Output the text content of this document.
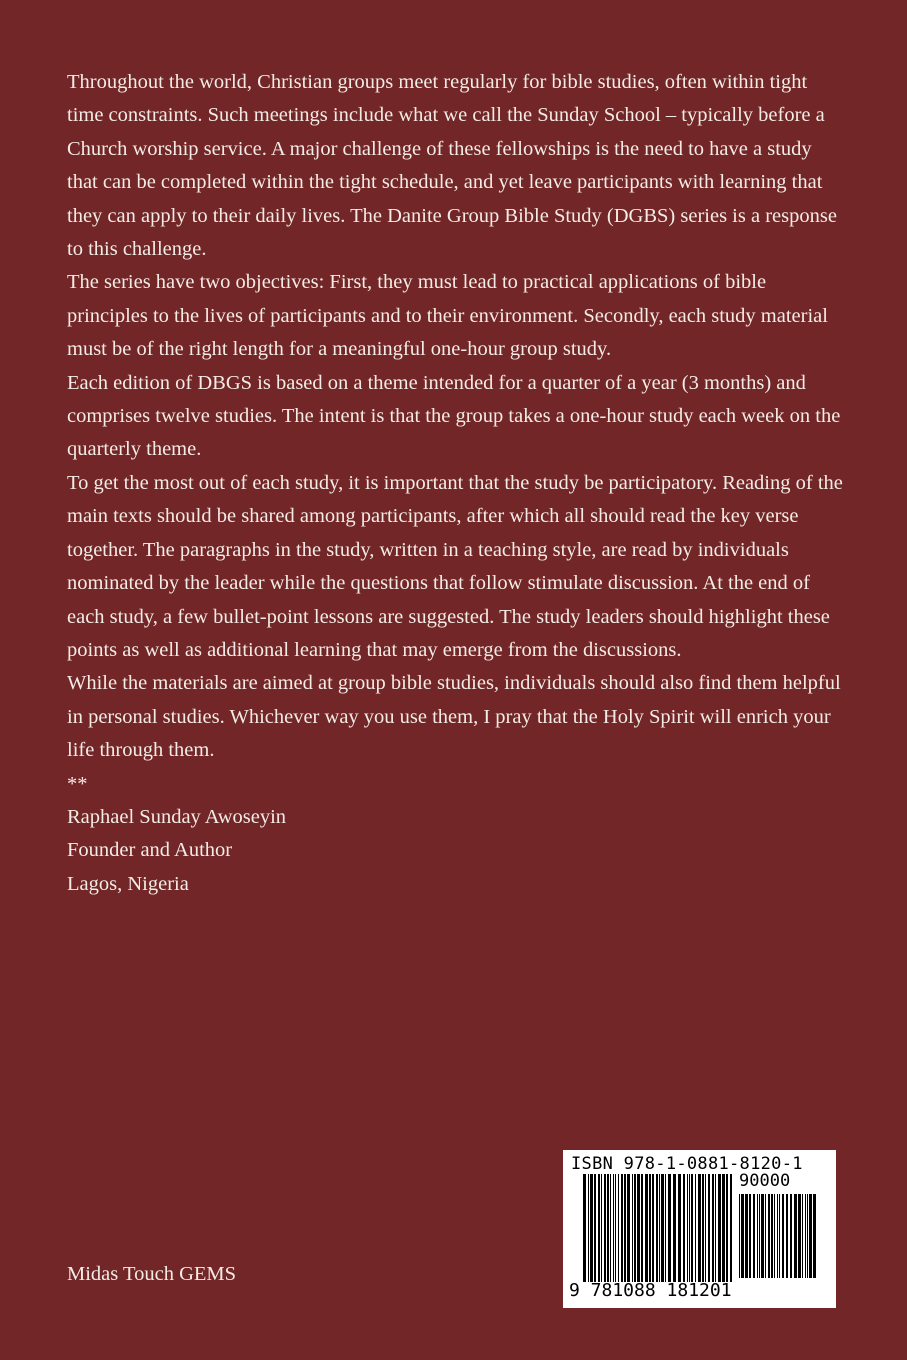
Throughout the world, Christian groups meet regularly for bible studies, often within tight time constraints. Such meetings include what we call the Sunday School – typically before a Church worship service. A major challenge of these fellowships is the need to have a study that can be completed within the tight schedule, and yet leave participants with learning that they can apply to their daily lives. The Danite Group Bible Study (DGBS) series is a response to this challenge.

The series have two objectives: First, they must lead to practical applications of bible principles to the lives of participants and to their environment. Secondly, each study material must be of the right length for a meaningful one-hour group study.

Each edition of DBGS is based on a theme intended for a quarter of a year (3 months) and comprises twelve studies. The intent is that the group takes a one-hour study each week on the quarterly theme.

To get the most out of each study, it is important that the study be participatory. Reading of the main texts should be shared among participants, after which all should read the key verse together. The paragraphs in the study, written in a teaching style, are read by individuals nominated by the leader while the questions that follow stimulate discussion. At the end of each study, a few bullet-point lessons are suggested. The study leaders should highlight these points as well as additional learning that may emerge from the discussions.

While the materials are aimed at group bible studies, individuals should also find them helpful in personal studies. Whichever way you use them, I pray that the Holy Spirit will enrich your life through them.

**

Raphael Sunday Awoseyin

Founder and Author

Lagos, Nigeria

Midas Touch GEMS
ISBN 978-1-0881-8120-1
90000
9 781088 181201
